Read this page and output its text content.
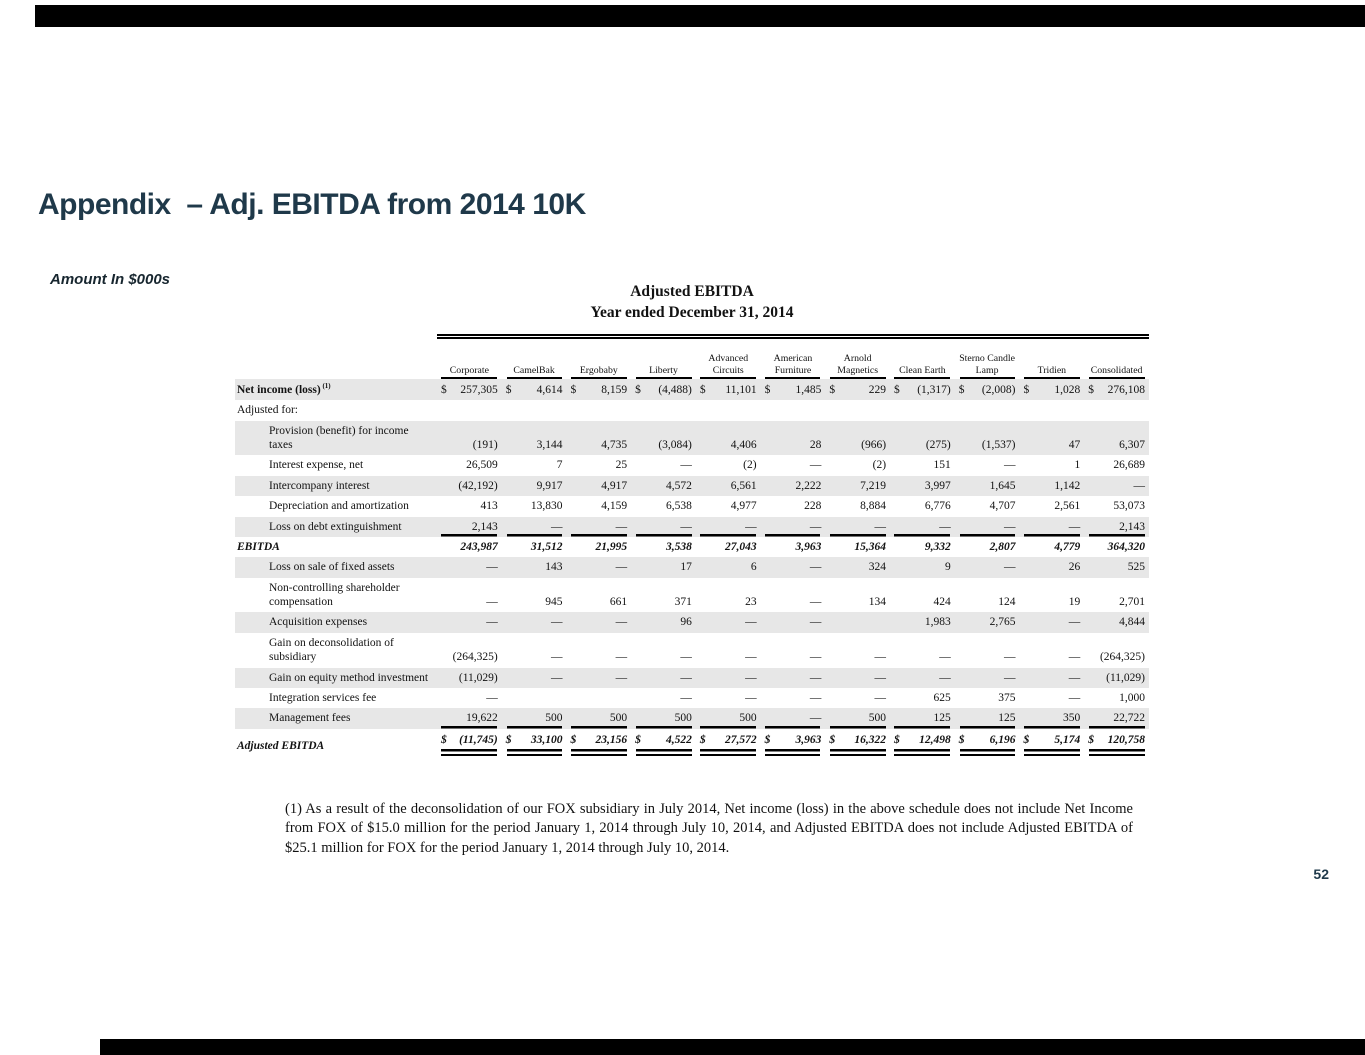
Appendix  – Adj. EBITDA from 2014 10K
Amount In $000s
Adjusted EBITDA
Year ended December 31, 2014
	Corporate	CamelBak	Ergobaby	Liberty	Advanced Circuits	American Furniture	Arnold Magnetics	Clean Earth	Sterno Candle Lamp	Tridien	Consolidated
Net income (loss) $^{(1)}$	$ 257,305	$ 4,614	$ 8,159	$ (4,488)	$ 11,101	$ 1,485	$ 229	$ (1,317)	$ (2,008)	$ 1,028	$ 276,108

Adjusted for:											
Provision (benefit) for income taxes	(191)	3,144	4,735	(3,084)	4,406	28	(966)	(275)	(1,537)	47	6,307
Interest expense, net	26,509	7	25	—	(2)	—	(2)	151	—	1	26,689
Intercompany interest	(42,192)	9,917	4,917	4,572	6,561	2,222	7,219	3,997	1,645	1,142	—
Depreciation and amortization	413	13,830	4,159	6,538	4,977	228	8,884	6,776	4,707	2,561	53,073
Loss on debt extinguishment	2,143	—	—	—	—	—	—	—	—	—	2,143
EBITDA	243,987	31,512	21,995	3,538	27,043	3,963	15,364	9,332	2,807	4,779	364,320
Loss on sale of fixed assets	—	143	—	17	6	—	324	9	—	26	525
Non-controlling shareholder compensation	—	945	661	371	23	—	134	424	124	19	2,701
Acquisition expenses	—	—	—	96	—	—		1,983	2,765	—	4,844
Gain on deconsolidation of subsidiary	(264,325)	—	—	—	—	—	—	—	—	—	(264,325)
Gain on equity method investment	(11,029)	—	—	—	—	—	—	—	—	—	(11,029)
Integration services fee	—			—	—	—	—	625	375	—	1,000
Management fees	19,622	500	500	500	500	—	500	125	125	350	22,722
Adjusted EBITDA	$ (11,745)	$ 33,100	$ 23,156	$ 4,522	$ 27,572	$ 3,963	$ 16,322	$ 12,498	$ 6,196	$ 5,174	$ 120,758

(1) As a result of the deconsolidation of our FOX subsidiary in July 2014, Net income (loss) in the above schedule does not include Net Income from FOX of $15.0 million for the period January 1, 2014 through July 10, 2014, and Adjusted EBITDA does not include Adjusted EBITDA of $25.1 million for FOX for the period January 1, 2014 through July 10, 2014.

52
